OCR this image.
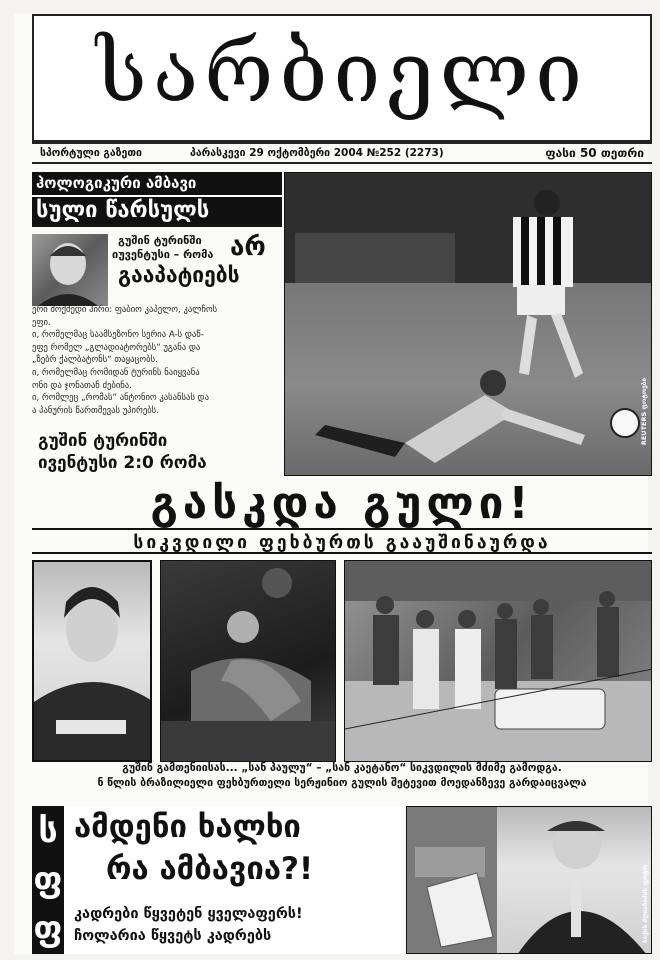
სარბიელი
სპორტული გაზეთი	პარასკევი 29 ოქტომბერი 2004 №252 (2273)	ფასი 50 თეთრი
ჰოლოგიკური ამბავი
სული წარსულს
გუშინ ტურინში
იუვენტუსი – რომა არ
გააპატიებს
ერი მოქმედი პირი: ფაბიო კაპელო, კალჩოს
ეფი.
ი, რომელმაც საამსეზონო სერია A-ს დაწ-
ეფე რომელ „გლადიატორებს“ უგანა და
„ზებრ ქალბატონს“ თაყაცობს.
ი, რომელმაც რომიდან ტურინს ნაიყვანა
ონი და ჯონათან ძებინა.
ი, რომლეც „რომას“ ანტონიო კასანსას და
ა პანურის წართმევას უპირებს.
გუშინ ტურინში
ივენტუსი 2:0 რომა
REUTERS ფოტოები
გასკდა გული!
სიკვდილი ფეხბურთს გააუშინაურდა
გუშინ გამთენიისას... „სან პაულუ“ – „სან კაეტანო“ სიკვდილის მძიმე გამოდგა.
ნ წლის ბრაზილიელი ფეხბურთელი სერჟინიო გულის შეტევით მოედანზევე გარდაიცვალა
ს
ფ
ფ
ამდენი ხალხი
რა ამბავია?!
კადრები წყვეტენ ყველაფერს!
ჩოლარია წყვეტს კადრებს	ბაქის ძღიაბიძის ფოტო
